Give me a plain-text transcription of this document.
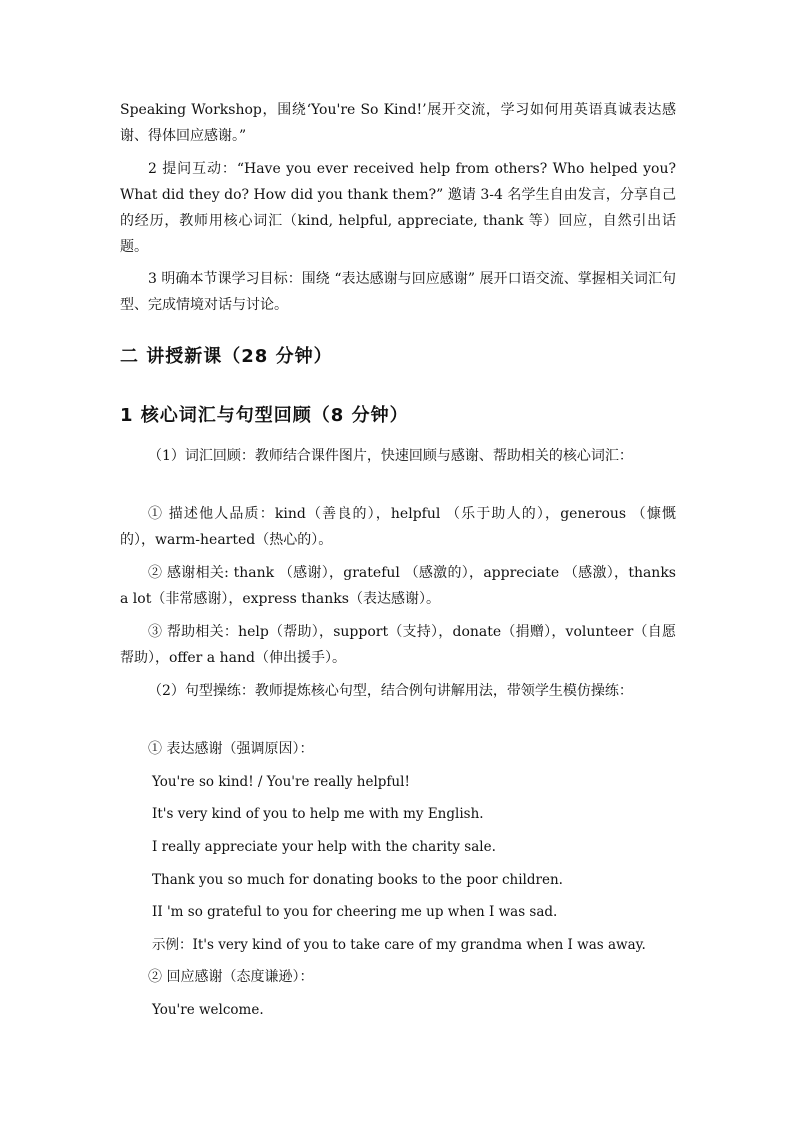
Speaking Workshop，围绕‘You're So Kind!’展开交流，学习如何用英语真诚表达感谢、得体回应感谢。”

2 提问互动：“Have you ever received help from others? Who helped you? What did they do? How did you thank them?” 邀请 3-4 名学生自由发言，分享自己的经历，教师用核心词汇（kind, helpful, appreciate, thank 等）回应，自然引出话题。

3 明确本节课学习目标：围绕 “表达感谢与回应感谢” 展开口语交流、掌握相关词汇句型、完成情境对话与讨论。

二 讲授新课（28 分钟）
1 核心词汇与句型回顾（8 分钟）

（1）词汇回顾：教师结合课件图片，快速回顾与感谢、帮助相关的核心词汇：

① 描述他人品质：kind（善良的），helpful （乐于助人的），generous （慷慨的），warm-hearted（热心的）。

② 感谢相关: thank （感谢），grateful （感激的），appreciate （感激），thanks a lot（非常感谢），express thanks（表达感谢）。

③ 帮助相关：help（帮助），support（支持），donate（捐赠），volunteer（自愿帮助），offer a hand（伸出援手）。

（2）句型操练：教师提炼核心句型，结合例句讲解用法，带领学生模仿操练：

① 表达感谢（强调原因）：

You're so kind! / You're really helpful!

It's very kind of you to help me with my English.

I really appreciate your help with the charity sale.

Thank you so much for donating books to the poor children.

II 'm so grateful to you for cheering me up when I was sad.

示例：It's very kind of you to take care of my grandma when I was away.

② 回应感谢（态度谦逊）：

You're welcome.
